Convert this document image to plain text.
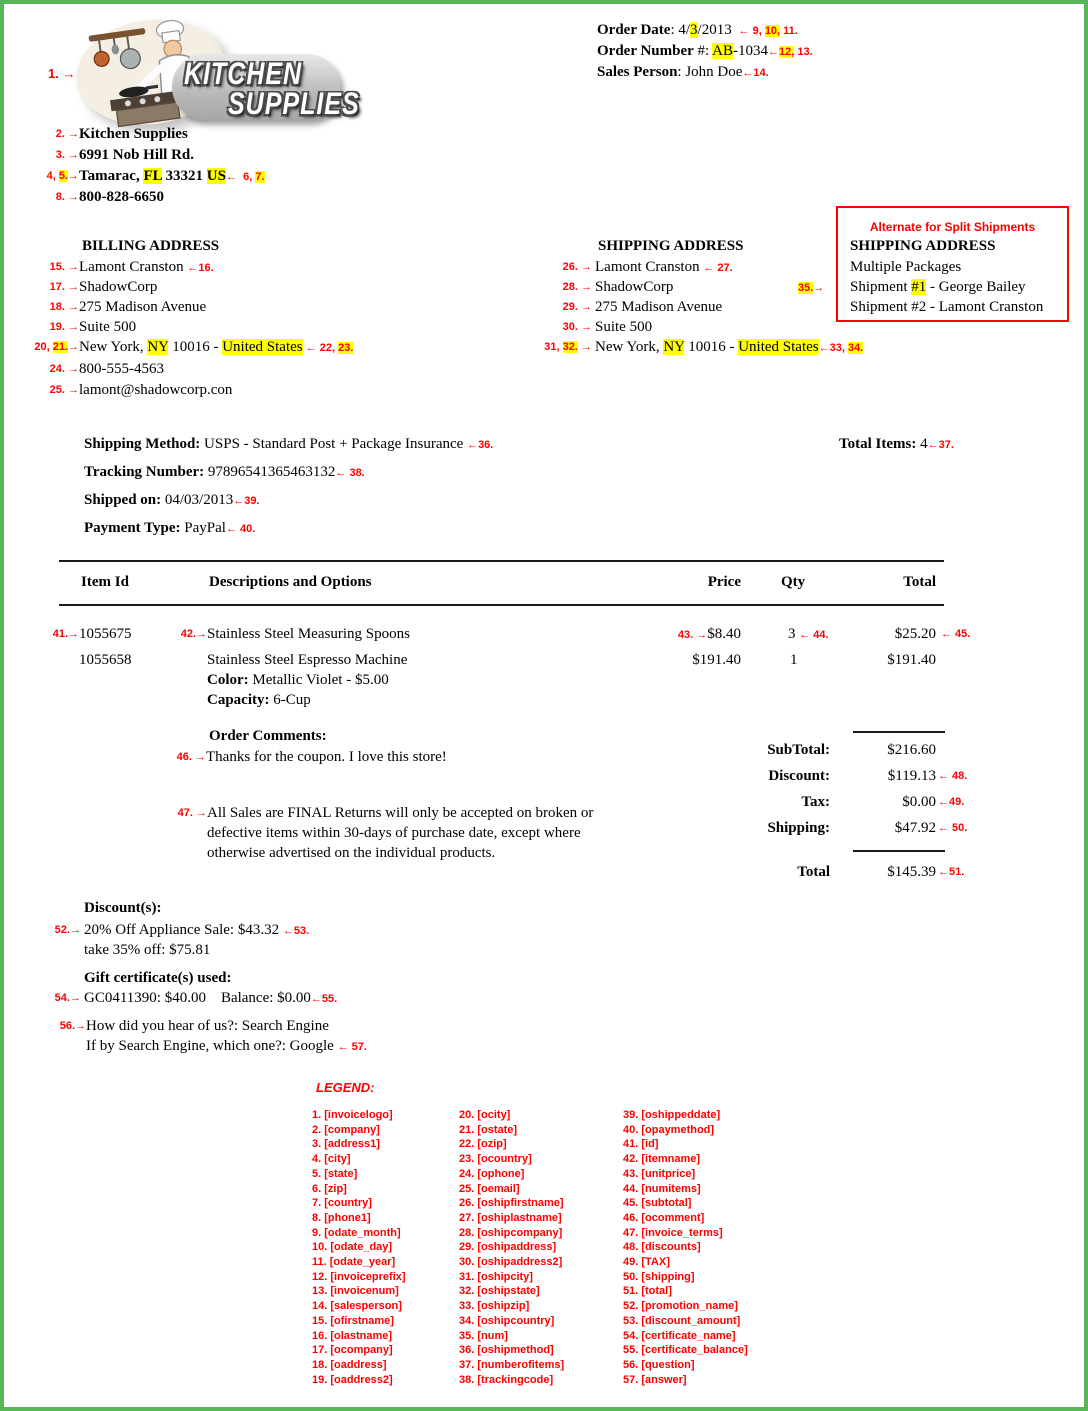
1. →	KITCHEN
SUPPLIES
2. → Kitchen Supplies
3. → 6991 Nob Hill Rd.
4, 5.→ Tamarac, FL 33321 US←  6, 7.
8. → 800-828-6650
Order Date: 4/3/2013  ← 9, 10, 11.
Order Number #: AB-1034←12, 13.
Sales Person: John Doe←14.
BILLING ADDRESS
15. → Lamont Cranston ←16.
17. → ShadowCorp
18. → 275 Madison Avenue
19. → Suite 500
20, 21.→ New York, NY 10016 - United States ← 22, 23.
24. → 800-555-4563
25. → lamont@shadowcorp.con
SHIPPING ADDRESS
26. → Lamont Cranston ← 27.
28. → ShadowCorp
29. → 275 Madison Avenue
30. → Suite 500
31, 32. → New York, NY 10016 - United States←33, 34.
35.→
Alternate for Split Shipments
SHIPPING ADDRESS
Multiple Packages
Shipment #1 - George Bailey
Shipment #2 - Lamont Cranston
Shipping Method: USPS - Standard Post + Package Insurance ←36.	Total Items: 4←37.
Tracking Number: 97896541365463132← 38.
Shipped on: 04/03/2013←39.
Payment Type: PayPal← 40.
Item Id	Descriptions and Options	Price	Qty	Total
41.→ 1055675	42.→ Stainless Steel Measuring Spoons	43. →$8.40	3 ← 44.	$25.20 ← 45.
1055658	Stainless Steel Espresso Machine
Color: Metallic Violet - $5.00
Capacity: 6-Cup
$191.40	1	$191.40
Order Comments:
46. → Thanks for the coupon. I love this store!
47. → All Sales are FINAL Returns will only be accepted on broken or
defective items within 30-days of purchase date, except where
otherwise advertised on the individual products.
SubTotal:	$216.60
Discount:	$119.13 ← 48.
Tax:	$0.00 ←49.
Shipping:	$47.92 ← 50.
Total	$145.39 ←51.
Discount(s):
52.→ 20% Off Appliance Sale: $43.32 ←53.
take 35% off: $75.81
Gift certificate(s) used:
54.→ GC0411390: $40.00    Balance: $0.00←55.
56.→ How did you hear of us?: Search Engine
If by Search Engine, which one?: Google ← 57.
LEGEND:
1. [invoicelogo]
2. [company]
3. [address1]
4. [city]
5. [state]
6. [zip]
7. [country]
8. [phone1]
9. [odate_month]
10. [odate_day]
11. [odate_year]
12. [invoiceprefix]
13. [invoicenum]
14. [salesperson]
15. [ofirstname]
16. [olastname]
17. [ocompany]
18. [oaddress]
19. [oaddress2]
20. [ocity]
21. [ostate]
22. [ozip]
23. [ocountry]
24. [ophone]
25. [oemail]
26. [oshipfirstname]
27. [oshiplastname]
28. [oshipcompany]
29. [oshipaddress]
30. [oshipaddress2]
31. [oshipcity]
32. [oshipstate]
33. [oshipzip]
34. [oshipcountry]
35. [num]
36. [oshipmethod]
37. [numberofitems]
38. [trackingcode]
39. [oshippeddate]
40. [opaymethod]
41. [id]
42. [itemname]
43. [unitprice]
44. [numitems]
45. [subtotal]
46. [ocomment]
47. [invoice_terms]
48. [discounts]
49. [TAX]
50. [shipping]
51. [total]
52. [promotion_name]
53. [discount_amount]
54. [certificate_name]
55. [certificate_balance]
56. [question]
57. [answer]
